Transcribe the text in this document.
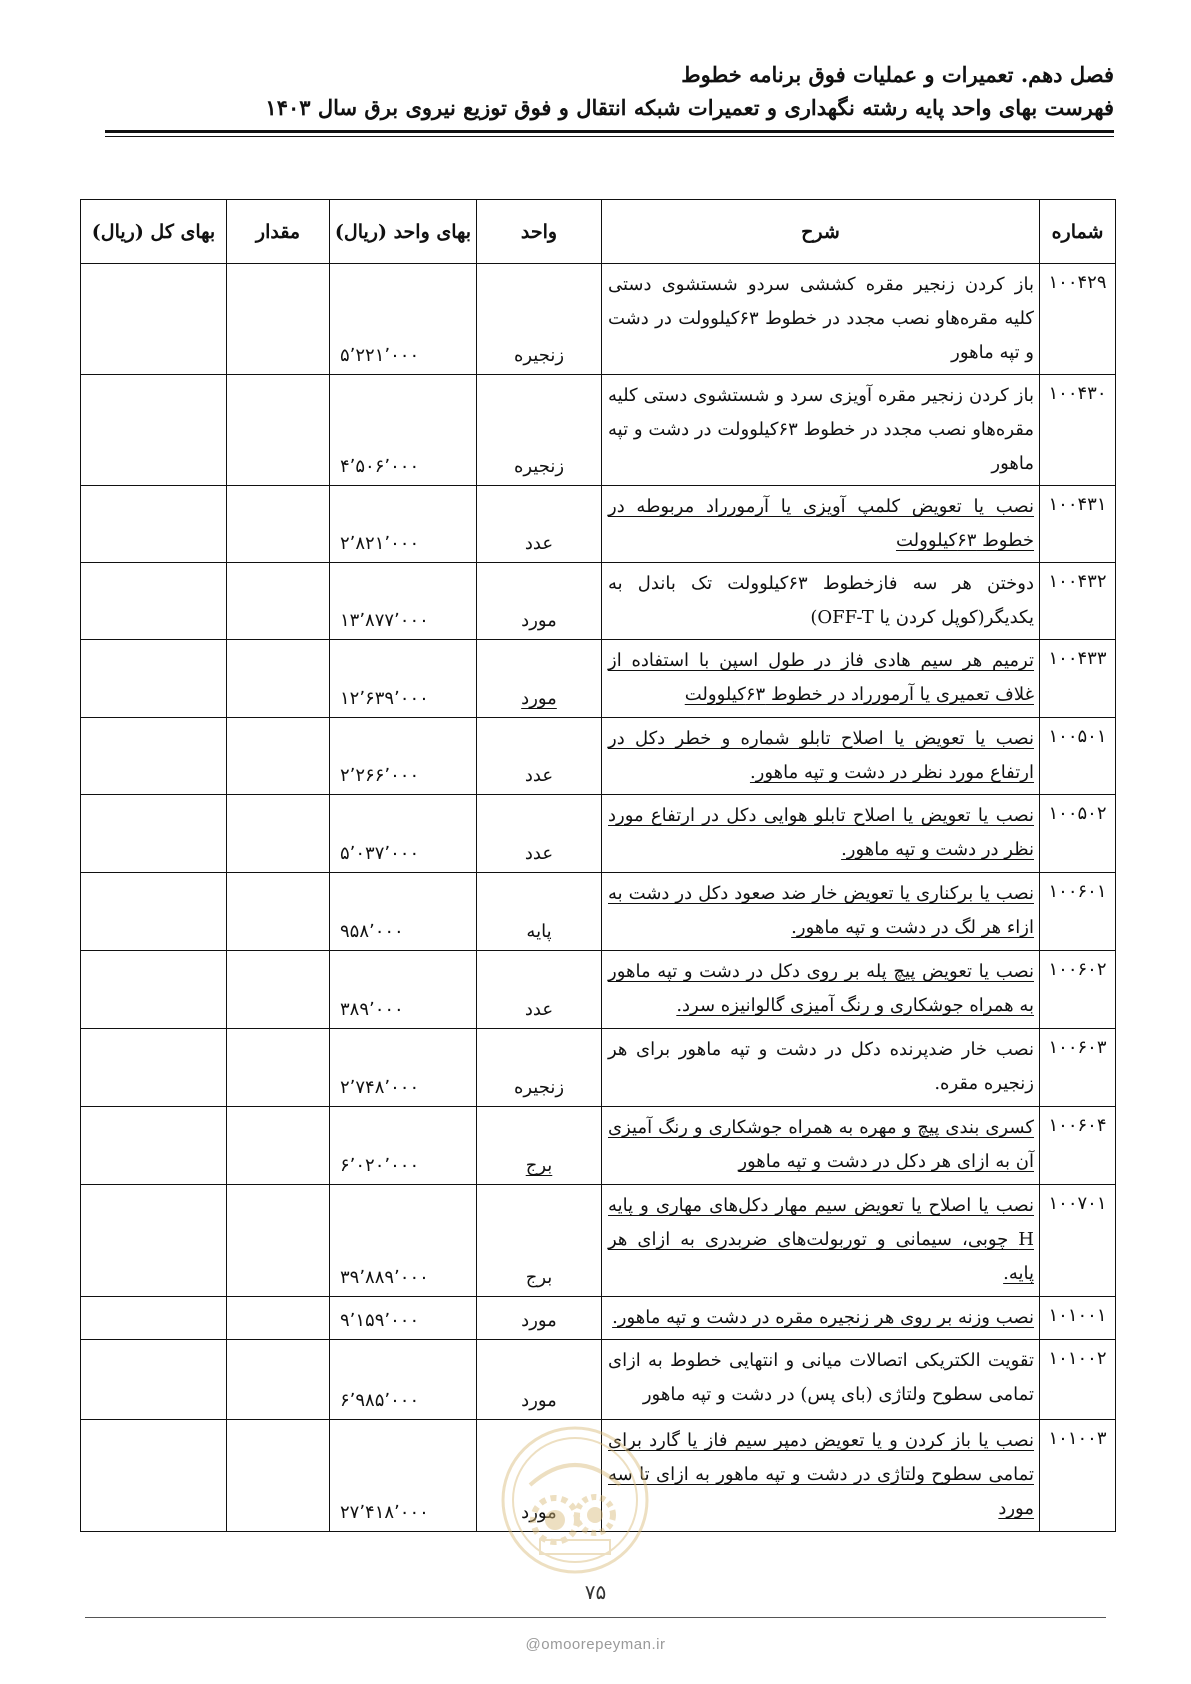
فصل دهم. تعمیرات و عملیات فوق برنامه خطوط
فهرست بهای واحد پایه رشته نگهداری و تعمیرات شبکه انتقال و فوق توزیع نیروی برق سال ۱۴۰۳
شماره	شرح	واحد	بهای واحد (ریال)	مقدار	بهای کل (ریال)
۱۰۰۴۲۹	باز کردن زنجیر مقره کششی سردو شستشوی دستی کلیه مقره‌هاو نصب مجدد در خطوط ۶۳کیلوولت در دشت و تپه ماهور	زنجیره	۵٬۲۲۱٬۰۰۰		
۱۰۰۴۳۰	باز کردن زنجیر مقره آویزی سرد و شستشوی دستی کلیه مقره‌هاو نصب مجدد در خطوط ۶۳کیلوولت در دشت و تپه ماهور	زنجیره	۴٬۵۰۶٬۰۰۰		
۱۰۰۴۳۱	نصب یا تعویض کلمپ آویزی یا آرمورراد مربوطه در خطوط ۶۳کیلوولت	عدد	۲٬۸۲۱٬۰۰۰		
۱۰۰۴۳۲	دوختن هر سه فازخطوط ۶۳کیلوولت تک باندل به یکدیگر(کوپل کردن یا OFF-T)	مورد	۱۳٬۸۷۷٬۰۰۰		
۱۰۰۴۳۳	ترمیم هر سیم هادی فاز در طول اسپن با استفاده از غلاف تعمیری یا آرمورراد در خطوط ۶۳کیلوولت	مورد	۱۲٬۶۳۹٬۰۰۰		
۱۰۰۵۰۱	نصب یا تعویض یا اصلاح تابلو شماره و خطر دکل در ارتفاع مورد نظر در دشت و تپه ماهور.	عدد	۲٬۲۶۶٬۰۰۰		
۱۰۰۵۰۲	نصب یا تعویض یا اصلاح تابلو هوایی دکل در ارتفاع مورد نظر در دشت و تپه ماهور.	عدد	۵٬۰۳۷٬۰۰۰		
۱۰۰۶۰۱	نصب یا برکناری یا تعویض خار ضد صعود دکل در دشت به ازاء هر لگ در دشت و تپه ماهور.	پایه	۹۵۸٬۰۰۰		
۱۰۰۶۰۲	نصب یا تعویض پیچ پله بر روی دکل در دشت و تپه ماهور به همراه جوشکاری و رنگ آمیزی گالوانیزه سرد.	عدد	۳۸۹٬۰۰۰		
۱۰۰۶۰۳	نصب خار ضدپرنده دکل در دشت و تپه ماهور برای هر زنجیره مقره.	زنجیره	۲٬۷۴۸٬۰۰۰		
۱۰۰۶۰۴	کسری بندی پیچ و مهره به همراه جوشکاری و رنگ آمیزی آن به ازای هر دکل در دشت و تپه ماهور	برج	۶٬۰۲۰٬۰۰۰		
۱۰۰۷۰۱	نصب یا اصلاح یا تعویض سیم مهار دکل‌های مهاری و پایه H چوبی، سیمانی و توربولت‌های ضربدری به ازای هر پایه.	برج	۳۹٬۸۸۹٬۰۰۰		
۱۰۱۰۰۱	نصب وزنه بر روی هر زنجیره مقره در دشت و تپه ماهور.	مورد	۹٬۱۵۹٬۰۰۰		
۱۰۱۰۰۲	تقویت الکتریکی اتصالات میانی و انتهایی خطوط به ازای تمامی سطوح ولتاژی (بای پس) در دشت و تپه ماهور	مورد	۶٬۹۸۵٬۰۰۰		
۱۰۱۰۰۳	نصب یا باز کردن و یا تعویض دمپر سیم فاز یا گارد برای تمامی سطوح ولتاژی در دشت و تپه ماهور به ازای تا سه مورد	مورد	۲۷٬۴۱۸٬۰۰۰		
۷۵
@omoorepeyman.ir
